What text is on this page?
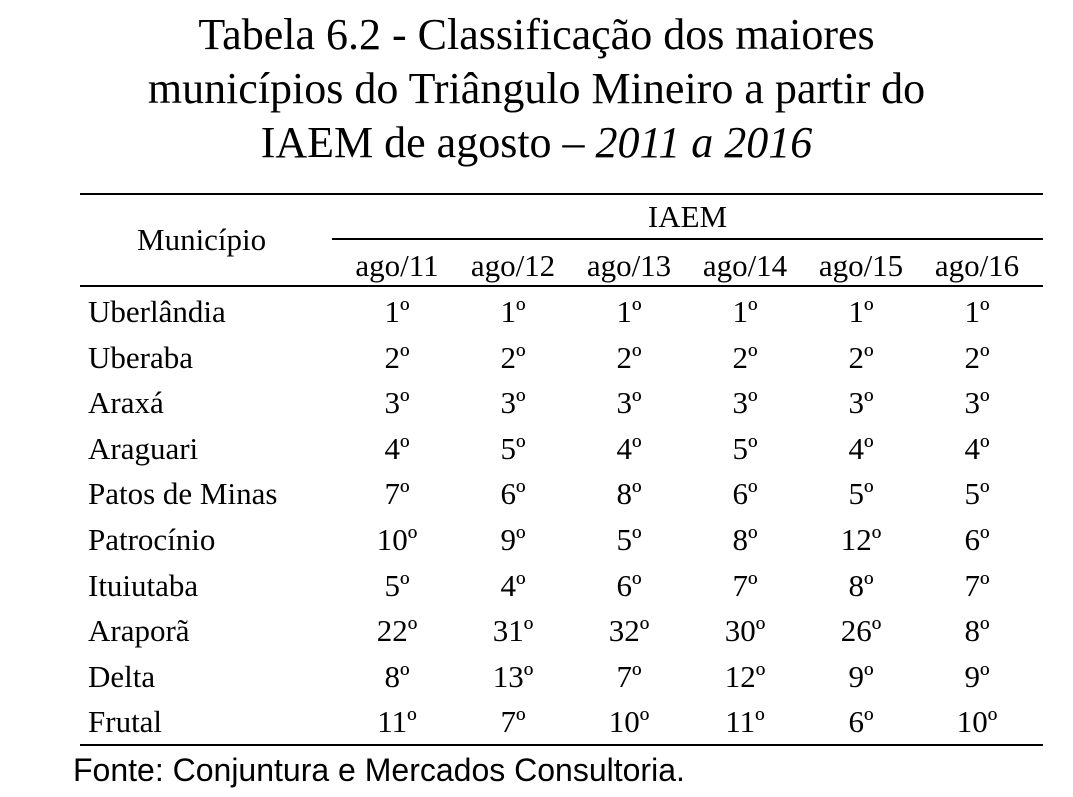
Tabela 6.2 - Classificação dos maiores
municípios do Triângulo Mineiro a partir do
IAEM de agosto – 2011 a 2016
Município
IAEM
ago/11	ago/12	ago/13	ago/14	ago/15	ago/16
Uberlândia	1º	1º	1º	1º	1º	1º
Uberaba	2º	2º	2º	2º	2º	2º
Araxá	3º	3º	3º	3º	3º	3º
Araguari	4º	5º	4º	5º	4º	4º
Patos de Minas	7º	6º	8º	6º	5º	5º
Patrocínio	10º	9º	5º	8º	12º	6º
Ituiutaba	5º	4º	6º	7º	8º	7º
Araporã	22º	31º	32º	30º	26º	8º
Delta	8º	13º	7º	12º	9º	9º
Frutal	11º	7º	10º	11º	6º	10º
Fonte: Conjuntura e Mercados Consultoria.
